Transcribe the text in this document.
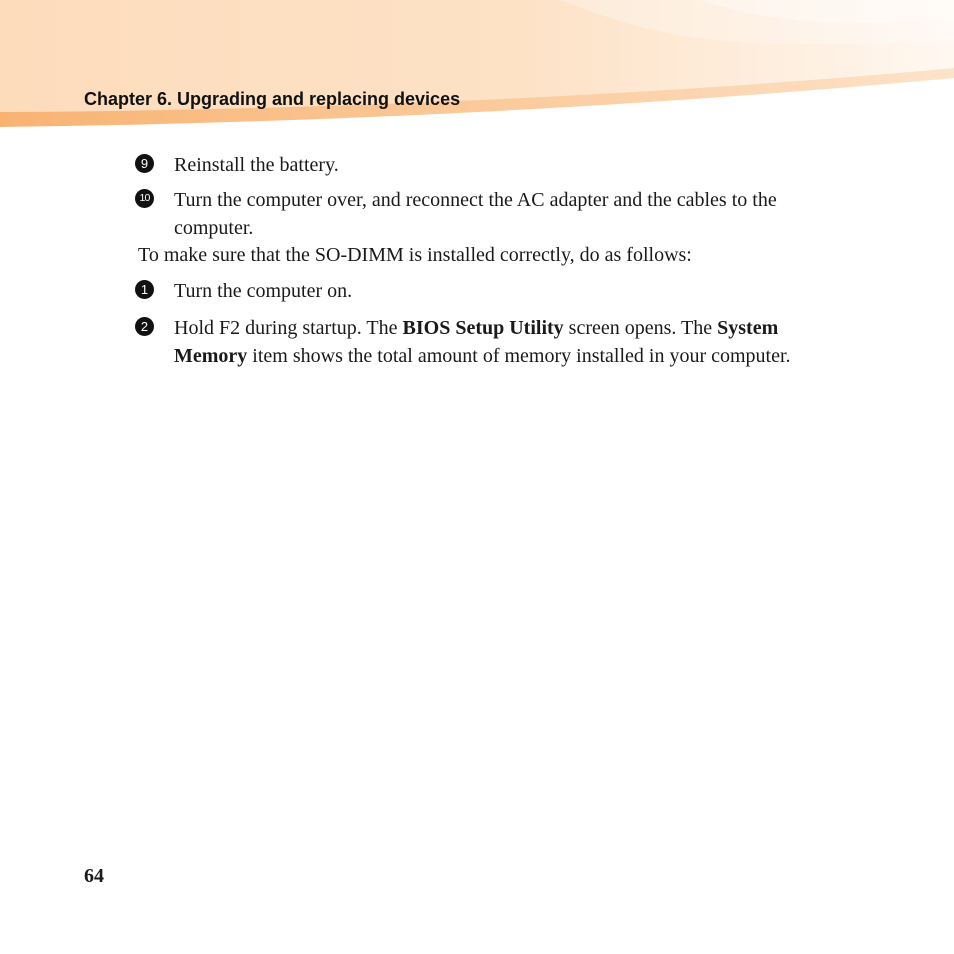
Chapter 6. Upgrading and replacing devices
9 Reinstall the battery.
10 Turn the computer over, and reconnect the AC adapter and the cables to the computer.
To make sure that the SO-DIMM is installed correctly, do as follows:
1 Turn the computer on.
2 Hold F2 during startup. The BIOS Setup Utility screen opens. The System Memory item shows the total amount of memory installed in your computer.
64
